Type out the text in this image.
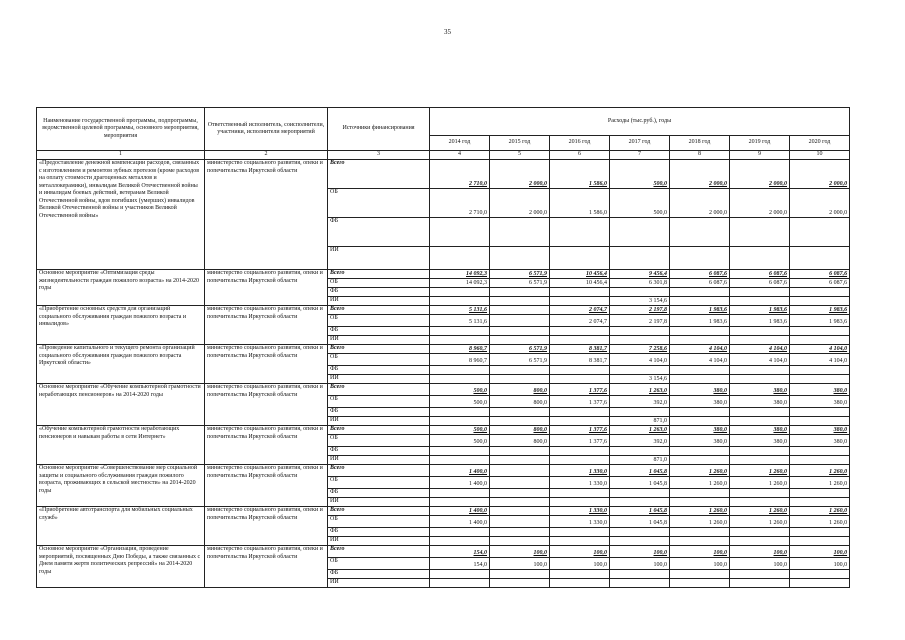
35
Наименование государственной программы, подпрограммы, ведомственной целевой программы, основного мероприятия, мероприятия	Ответственный исполнитель, соисполнители, участники, исполнители мероприятий	Источники финансирования	Расходы (тыс.руб.), годы						
			2014 год	2015 год	2016 год	2017 год	2018 год	2019 год	2020 год
1	2	3	4	5	6	7	8	9	10
«Предоставление денежной компенсации расходов, связанных с изготовлением и ремонтом зубных протезов (кроме расходов на оплату стоимости драгоценных металлов и металлокерамики), инвалидам Великой Отечественной войны и инвалидам боевых действий, ветеранам Великой Отечественной войны, вдов погибших (умерших) инвалидов Великой Отечественной войны и участников Великой Отечественной войны»	министерство социального развития, опеки и попечительства Иркутской области	Всего	2 710,0	2 000,0	1 586,0	500,0	2 000,0	2 000,0	2 000,0
		ОБ	2 710,0	2 000,0	1 586,0	500,0	2 000,0	2 000,0	2 000,0
		ФБ							
		ИИ							
Основное мероприятие «Оптимизация среды жизнедеятельности граждан пожилого возраста» на 2014-2020 годы	министерство социального развития, опеки и попечительства Иркутской области	Всего	14 092,3	6 571,9	10 456,4	9 456,4	6 087,6	6 087,6	6 087,6
		ОБ	14 092,3	6 571,9	10 456,4	6 301,8	6 087,6	6 087,6	6 087,6
		ФБ							
		ИИ				3 154,6			
«Приобретение основных средств для организаций социального обслуживания граждан пожилого возраста и инвалидов»	министерство социального развития, опеки и попечительства Иркутской области	Всего	5 131,6		2 074,7	2 197,8	1 983,6	1 983,6	1 983,6
		ОБ	5 131,6		2 074,7	2 197,8	1 983,6	1 983,6	1 983,6
		ФБ							
		ИИ							
«Проведение капитального и текущего ремонта организаций социального обслуживания граждан пожилого возраста Иркутской области»	министерство социального развития, опеки и попечительства Иркутской области	Всего	8 960,7	6 571,9	8 381,7	7 258,6	4 104,0	4 104,0	4 104,0
		ОБ	8 960,7	6 571,9	8 381,7	4 104,0	4 104,0	4 104,0	4 104,0
		ФБ							
		ИИ				3 154,6			
Основное мероприятие «Обучение компьютерной грамотности неработающих пенсионеров» на 2014-2020 годы	министерство социального развития, опеки и попечительства Иркутской области	Всего	500,0	800,0	1 377,6	1 263,0	380,0	380,0	380,0
		ОБ	500,0	800,0	1 377,6	392,0	380,0	380,0	380,0
		ФБ							
		ИИ				871,0			
«Обучение компьютерной грамотности неработающих пенсионеров и навыкам работы в сети Интернет»	министерство социального развития, опеки и попечительства Иркутской области	Всего	500,0	800,0	1 377,6	1 263,0	380,0	380,0	380,0
		ОБ	500,0	800,0	1 377,6	392,0	380,0	380,0	380,0
		ФБ							
		ИИ				871,0			
Основное мероприятие «Совершенствование мер социальной защиты и социального обслуживания граждан пожилого возраста, проживающих в сельской местности» на 2014-2020 годы	министерство социального развития, опеки и попечительства Иркутской области	Всего	1 400,0		1 330,0	1 045,8	1 260,0	1 260,0	1 260,0
		ОБ	1 400,0		1 330,0	1 045,8	1 260,0	1 260,0	1 260,0
		ФБ							
		ИИ							
«Приобретение автотранспорта для мобильных социальных служб»	министерство социального развития, опеки и попечительства Иркутской области	Всего	1 400,0		1 330,0	1 045,8	1 260,0	1 260,0	1 260,0
		ОБ	1 400,0		1 330,0	1 045,8	1 260,0	1 260,0	1 260,0
		ФБ							
		ИИ							
Основное мероприятие «Организация, проведение мероприятий, посвященных Дню Победы, а также связанных с Днем памяти жертв политических репрессий» на 2014-2020 годы	министерство социального развития, опеки и попечительства Иркутской области	Всего	154,0	100,0	100,0	100,0	100,0	100,0	100,0
		ОБ	154,0	100,0	100,0	100,0	100,0	100,0	100,0
		ФБ							
		ИИ							
